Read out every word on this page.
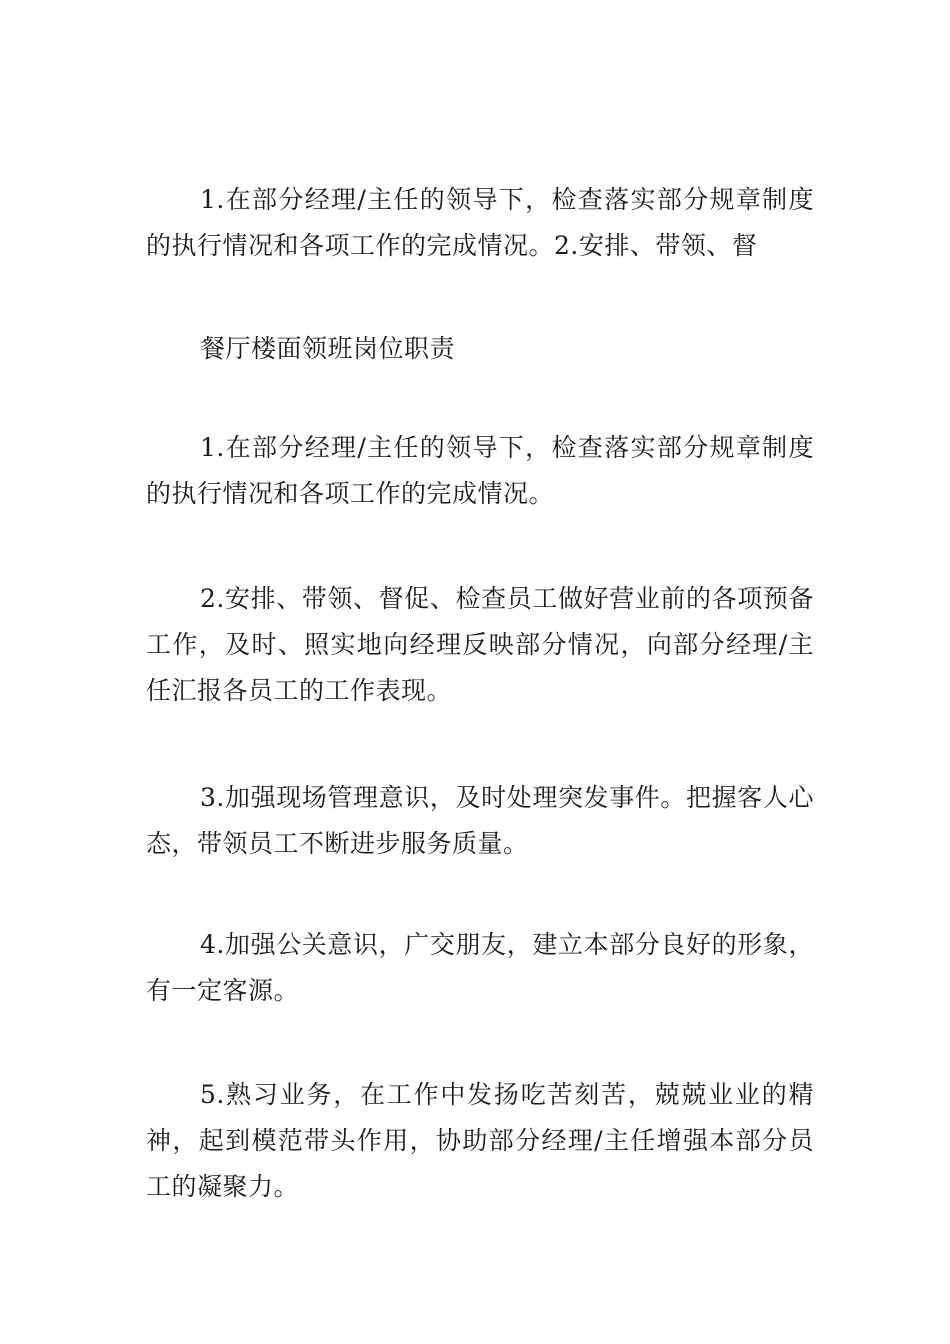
1.在部分经理/主任的领导下，检查落实部分规章制度的执行情况和各项工作的完成情况。2.安排、带领、督

餐厅楼面领班岗位职责

1.在部分经理/主任的领导下，检查落实部分规章制度的执行情况和各项工作的完成情况。

2.安排、带领、督促、检查员工做好营业前的各项预备工作，及时、照实地向经理反映部分情况，向部分经理/主任汇报各员工的工作表现。

3.加强现场管理意识，及时处理突发事件。把握客人心态，带领员工不断进步服务质量。

4.加强公关意识，广交朋友，建立本部分良好的形象，有一定客源。

5.熟习业务，在工作中发扬吃苦刻苦，兢兢业业的精神，起到模范带头作用，协助部分经理/主任增强本部分员工的凝聚力。
